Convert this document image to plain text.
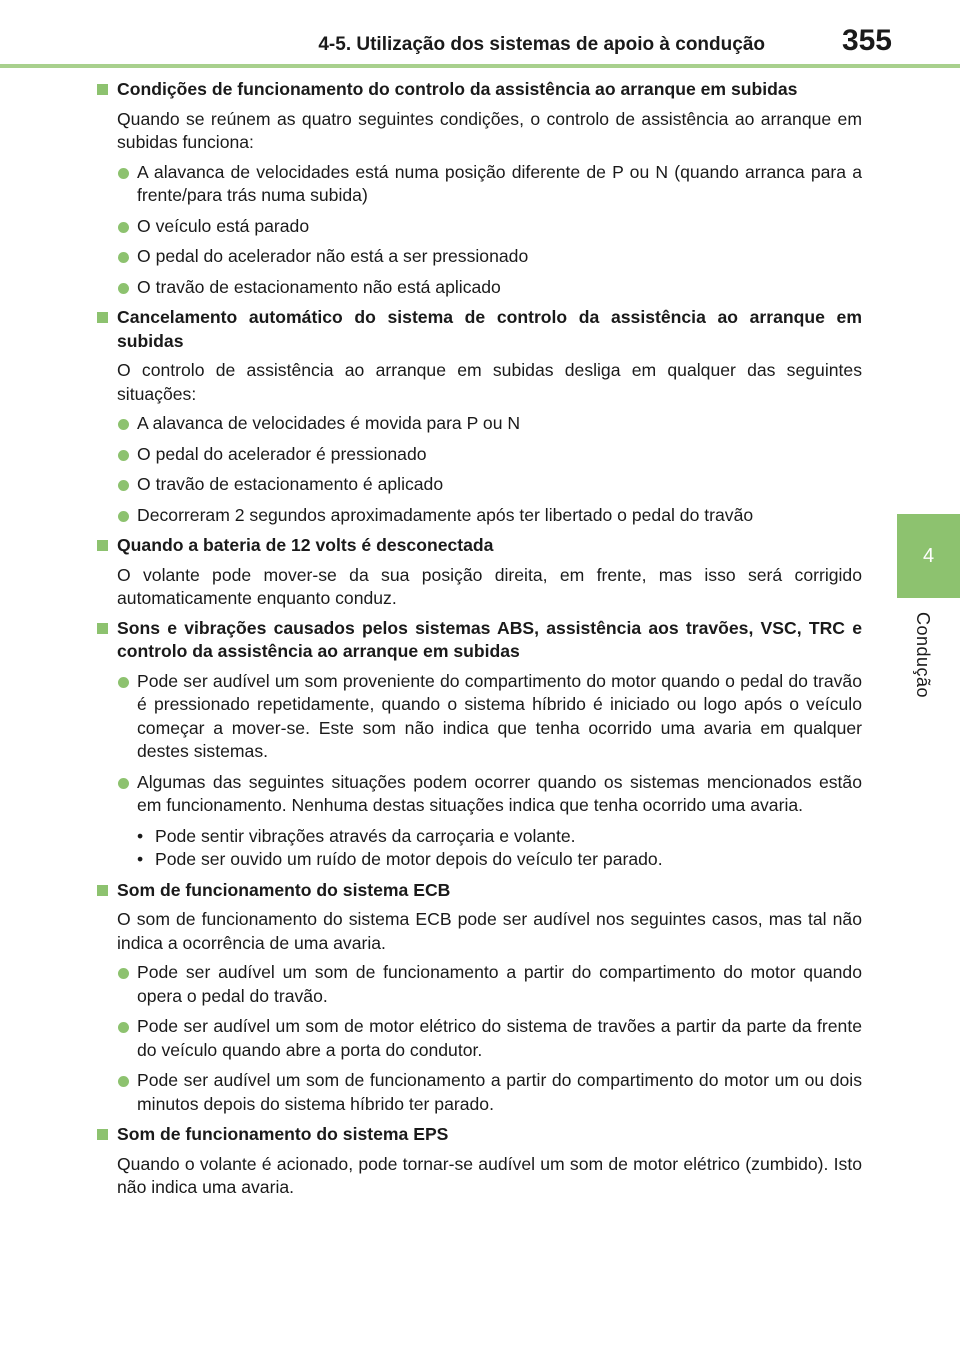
4-5. Utilização dos sistemas de apoio à condução	355
4
Condução
Condições de funcionamento do controlo da assistência ao arranque em subidas
Quando se reúnem as quatro seguintes condições, o controlo de assistência ao arranque em subidas funciona:
A alavanca de velocidades está numa posição diferente de P ou N (quando arranca para a frente/para trás numa subida)
O veículo está parado
O pedal do acelerador não está a ser pressionado
O travão de estacionamento não está aplicado
Cancelamento automático do sistema de controlo da assistência ao arranque em subidas
O controlo de assistência ao arranque em subidas desliga em qualquer das seguintes situações:
A alavanca de velocidades é movida para P ou N
O pedal do acelerador é pressionado
O travão de estacionamento é aplicado
Decorreram 2 segundos aproximadamente após ter libertado o pedal do travão
Quando a bateria de 12 volts é desconectada
O volante pode mover-se da sua posição direita, em frente, mas isso será corrigido automaticamente enquanto conduz.
Sons e vibrações causados pelos sistemas ABS, assistência aos travões, VSC, TRC e controlo da assistência ao arranque em subidas
Pode ser audível um som proveniente do compartimento do motor quando o pedal do travão é pressionado repetidamente, quando o sistema híbrido é iniciado ou logo após o veículo começar a mover-se. Este som não indica que tenha ocorrido uma avaria em qualquer destes sistemas.
Algumas das seguintes situações podem ocorrer quando os sistemas mencionados estão em funcionamento. Nenhuma destas situações indica que tenha ocorrido uma avaria.
• Pode sentir vibrações através da carroçaria e volante.
• Pode ser ouvido um ruído de motor depois do veículo ter parado.
Som de funcionamento do sistema ECB
O som de funcionamento do sistema ECB pode ser audível nos seguintes casos, mas tal não indica a ocorrência de uma avaria.
Pode ser audível um som de funcionamento a partir do compartimento do motor quando opera o pedal do travão.
Pode ser audível um som de motor elétrico do sistema de travões a partir da parte da frente do veículo quando abre a porta do condutor.
Pode ser audível um som de funcionamento a partir do compartimento do motor um ou dois minutos depois do sistema híbrido ter parado.
Som de funcionamento do sistema EPS
Quando o volante é acionado, pode tornar-se audível um som de motor elétrico (zumbido). Isto não indica uma avaria.
